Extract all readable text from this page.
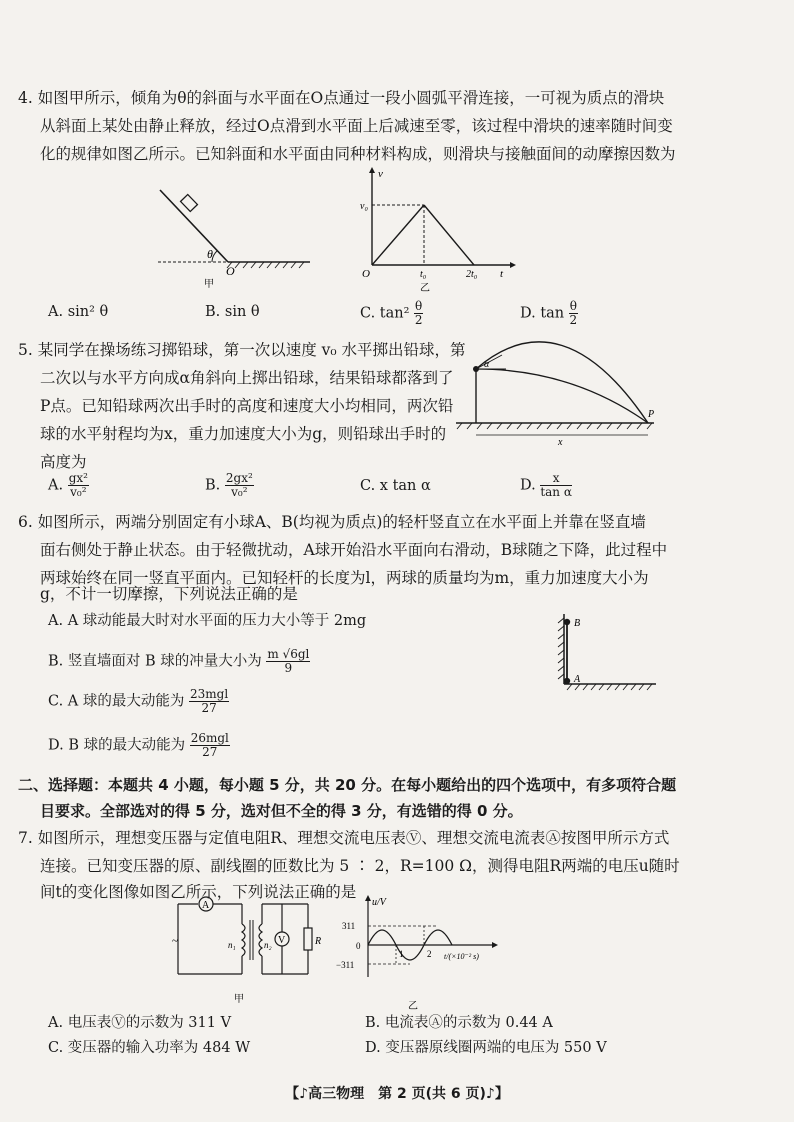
4. 如图甲所示，倾角为θ的斜面与水平面在O点通过一段小圆弧平滑连接，一可视为质点的滑块
从斜面上某处由静止释放，经过O点滑到水平面上后减速至零，该过程中滑块的速率随时间变
化的规律如图乙所示。已知斜面和水平面由同种材料构成，则滑块与接触面间的动摩擦因数为
θ
O
甲
v
v₀
O	t₀	2t₀ t
乙
A. sin² θ	B. sin θ	C. $\tan^2 \frac{\theta}{2}$	D. $\tan \frac{\theta}{2}$
5. 某同学在操场练习掷铅球，第一次以速度 v₀ 水平掷出铅球，第
二次以与水平方向成α角斜向上掷出铅球，结果铅球都落到了
P点。已知铅球两次出手时的高度和速度大小均相同，两次铅
球的水平射程均为x，重力加速度大小为g，则铅球出手时的
高度为
α
P
x
A. $\frac{\text{gx²}}{\text{v₀²}}$	B. $\frac{\text{2gx²}}{\text{v₀²}}$	C. x tan α	D. $\frac{x}{\text{tan α}}$
6. 如图所示，两端分别固定有小球A、B(均视为质点)的轻杆竖直立在水平面上并靠在竖直墙
面右侧处于静止状态。由于轻微扰动，A球开始沿水平面向右滑动，B球随之下降，此过程中
两球始终在同一竖直平面内。已知轻杆的长度为l，两球的质量均为m，重力加速度大小为
g，不计一切摩擦，下列说法正确的是
A. A 球动能最大时对水平面的压力大小等于 2mg
B. 竖直墙面对 B 球的冲量大小为 $\frac{m √6gl}{9}$
C. A 球的最大动能为 $\frac{\text{23mgl}}{27}$
D. B 球的最大动能为 $\frac{\text{26mgl}}{27}$
B
A
二、选择题：本题共 4 小题，每小题 5 分，共 20 分。在每小题给出的四个选项中，有多项符合题
目要求。全部选对的得 5 分，选对但不全的得 3 分，有选错的得 0 分。
7. 如图所示，理想变压器与定值电阻R、理想交流电压表Ⓥ、理想交流电流表Ⓐ按图甲所示方式
连接。已知变压器的原、副线圈的匝数比为 5 ∶ 2，R=100 Ω，测得电阻R两端的电压u随时
间t的变化图像如图乙所示，下列说法正确的是
A
~	n₁	n₂ V	R
甲
u/V
311
0
−311
1	2 t/(×10⁻² s)
乙
A. 电压表Ⓥ的示数为 311 V	B. 电流表Ⓐ的示数为 0.44 A
C. 变压器的输入功率为 484 W	D. 变压器原线圈两端的电压为 550 V
【♪高三物理　第 2 页(共 6 页)♪】
